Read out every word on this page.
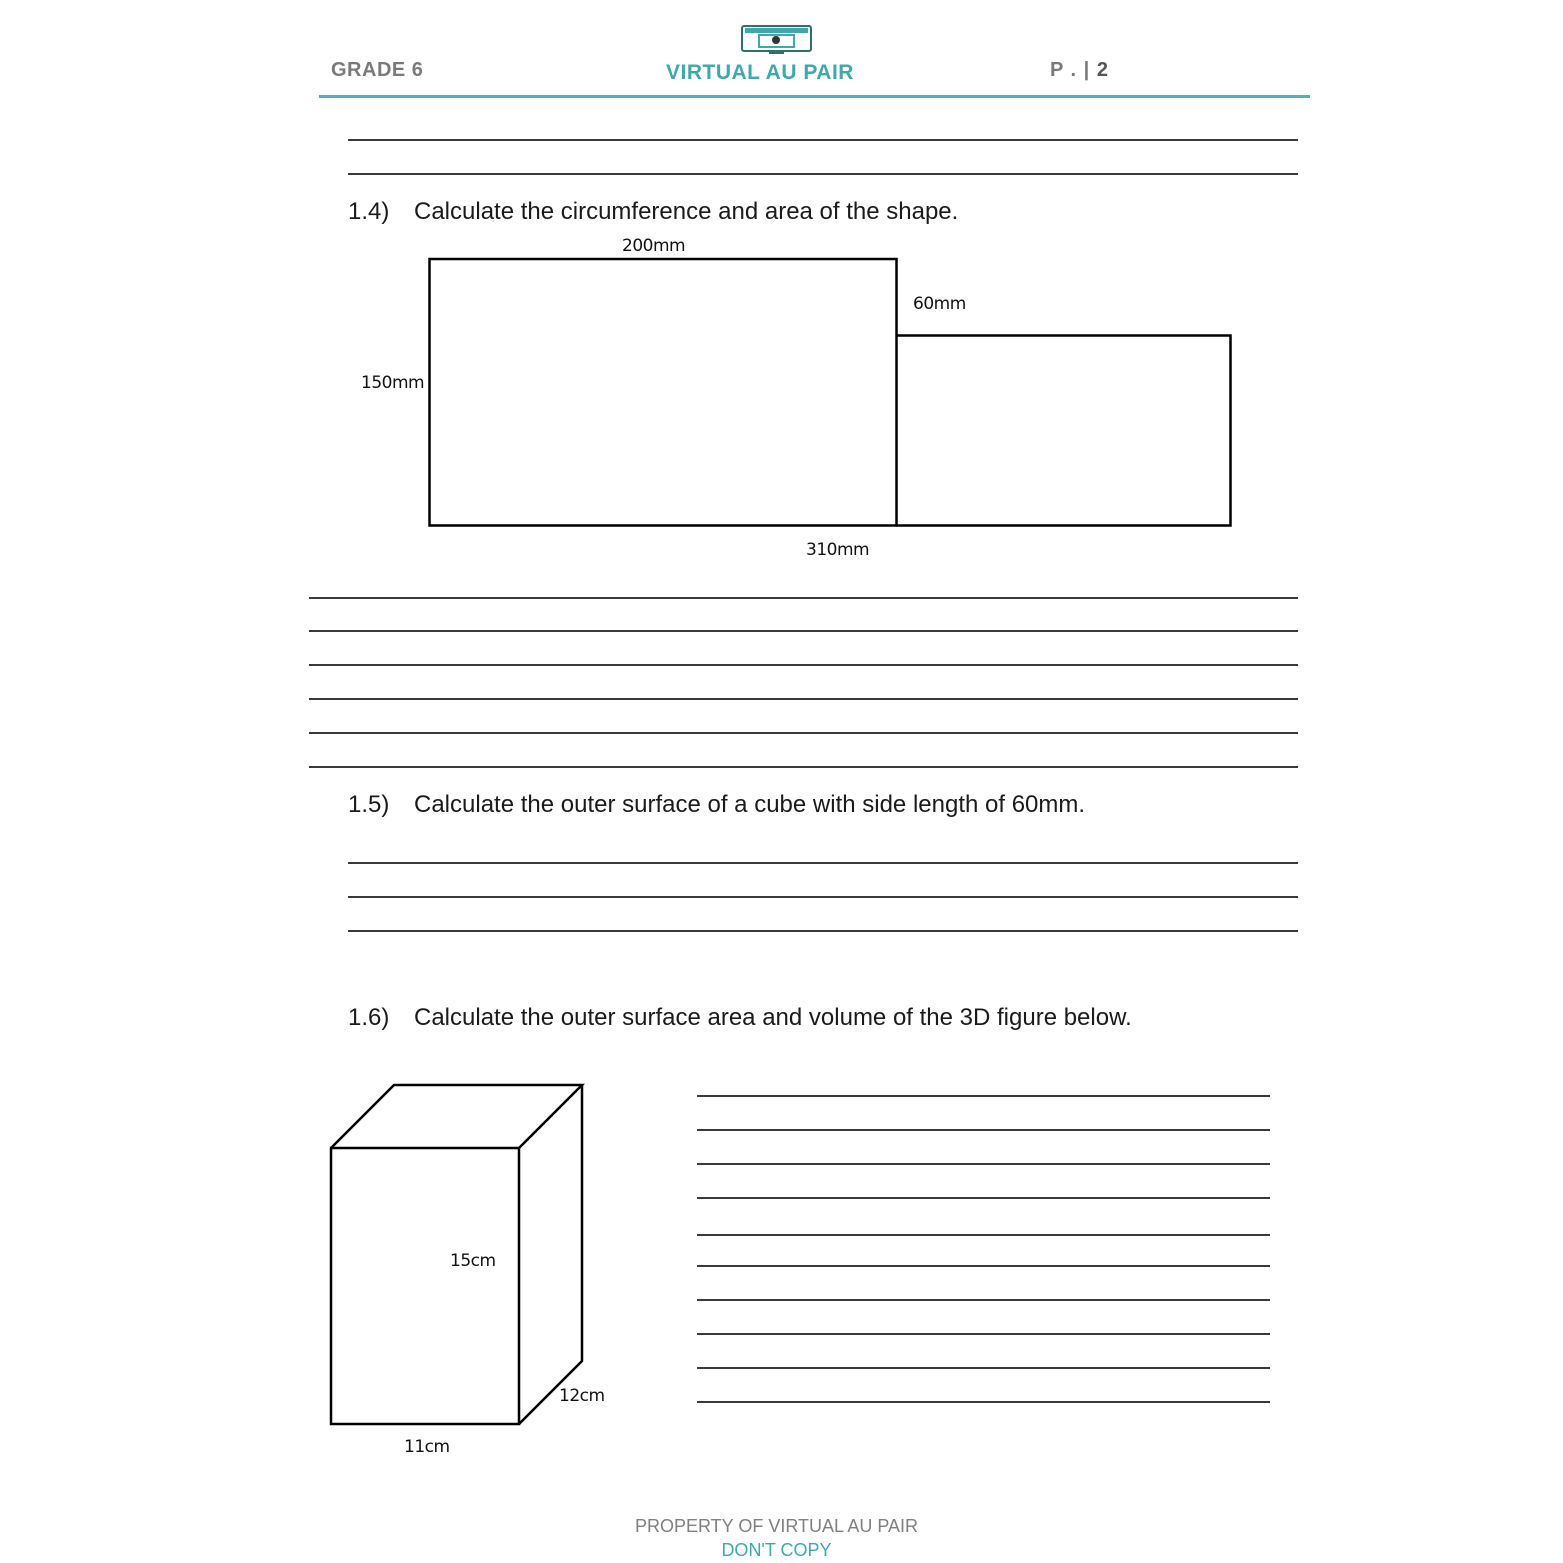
GRADE 6	VIRTUAL AU PAIR	P . | 2
1.4) Calculate the circumference and area of the shape.
200mm
60mm
150mm
310mm
1.5) Calculate the outer surface of a cube with side length of 60mm.
1.6) Calculate the outer surface area and volume of the 3D figure below.
15cm
12cm
11cm
PROPERTY OF VIRTUAL AU PAIR
DON'T COPY
